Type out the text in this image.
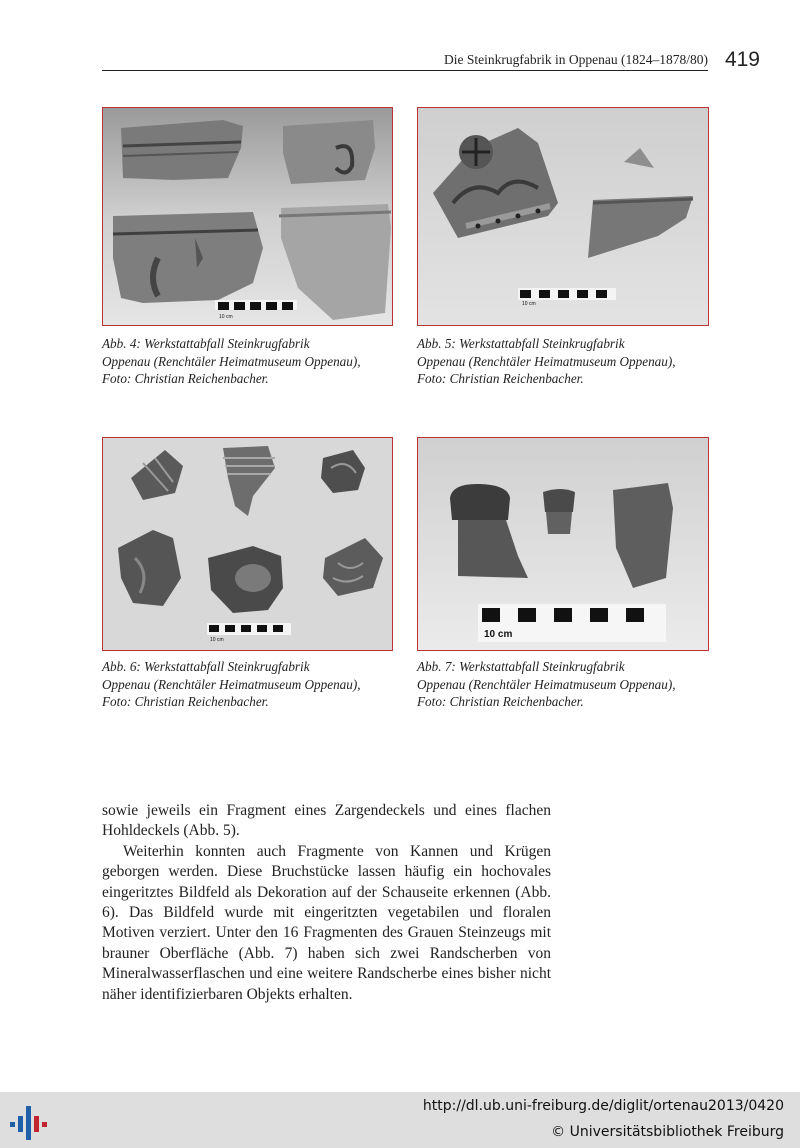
Die Steinkrugfabrik in Oppenau (1824–1878/80) 419
10 cm
Abb. 4: Werkstattabfall Steinkrugfabrik
Oppenau (Renchtäler Heimatmuseum Oppenau),
Foto: Christian Reichenbacher.
10 cm
Abb. 5: Werkstattabfall Steinkrugfabrik
Oppenau (Renchtäler Heimatmuseum Oppenau),
Foto: Christian Reichenbacher.
10 cm
Abb. 6: Werkstattabfall Steinkrugfabrik
Oppenau (Renchtäler Heimatmuseum Oppenau),
Foto: Christian Reichenbacher.
10 cm
Abb. 7: Werkstattabfall Steinkrugfabrik
Oppenau (Renchtäler Heimatmuseum Oppenau),
Foto: Christian Reichenbacher.

sowie jeweils ein Fragment eines Zargendeckels und eines flachen Hohldeckels (Abb. 5).

Weiterhin konnten auch Fragmente von Kannen und Krügen geborgen werden. Diese Bruchstücke lassen häufig ein hochovales eingeritztes Bildfeld als Dekoration auf der Schauseite erkennen (Abb. 6). Das Bildfeld wurde mit eingeritzten vegetabilen und floralen Motiven verziert. Unter den 16 Fragmenten des Grauen Steinzeugs mit brauner Oberfläche (Abb. 7) haben sich zwei Randscherben von Mineralwasserflaschen und eine weitere Randscherbe eines bisher nicht näher identifizierbaren Objekts erhalten.

http://dl.ub.uni-freiburg.de/diglit/ortenau2013/0420
© Universitätsbibliothek Freiburg
